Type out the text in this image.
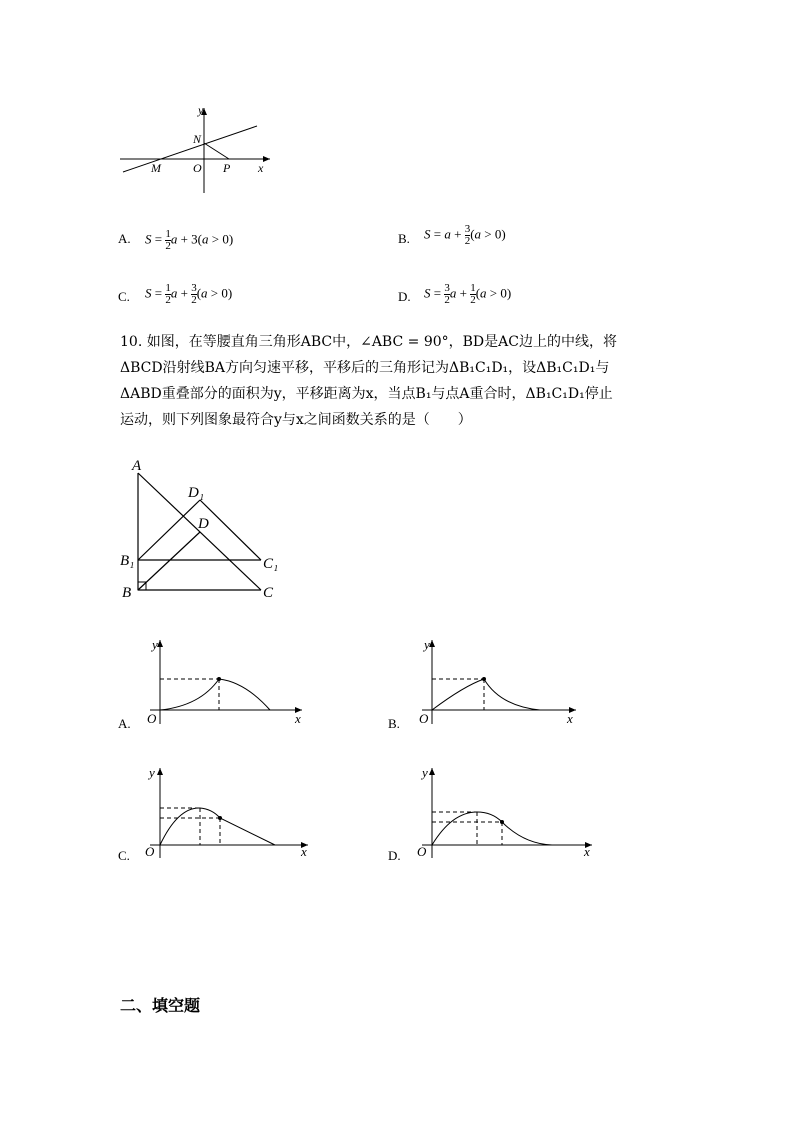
y
x
N
M	O P
A. $S = \frac{1}{2}$ a + 3(a > 0)	B. $S = a + \frac{3}{2} (a > 0)$
C. $S = \frac{1}{2}$ $a + \frac{3}{2} (a > 0)$	D. $S = \frac{3}{2}$ $a + \frac{1}{2} (a > 0)$
10. 如图，在等腰直角三角形ABC中，∠ABC = 90°，BD是AC边上的中线，将
ΔBCD沿射线BA方向匀速平移，平移后的三角形记为ΔB₁C₁D₁，设ΔB₁C₁D₁与
ΔABD重叠部分的面积为y，平移距离为x，当点B₁与点A重合时，ΔB₁C₁D₁停止
运动，则下列图象最符合y与x之间函数关系的是（　　）
A
D₁
D
B₁	C₁
B	C
A.
y
x
O	B.
y
x
O
C.
y
x
O	D.
y
x
O
二、填空题
